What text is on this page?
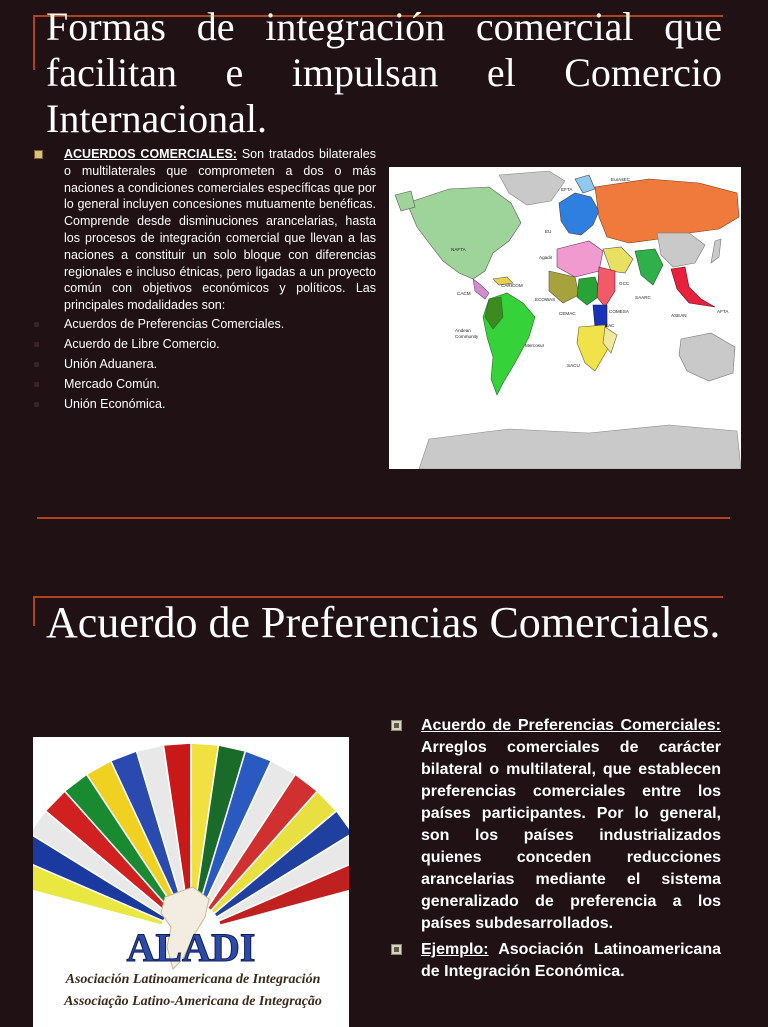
Formas de integración comercial que facilitan e impulsan el Comercio Internacional.
ACUERDOS COMERCIALES: Son tratados bilaterales o multilaterales que comprometen a dos o más naciones a condiciones comerciales específicas que por lo general incluyen concesiones mutuamente benéficas. Comprende desde disminuciones arancelarias, hasta los procesos de integración comercial que llevan a las naciones a constituir un solo bloque con diferencias regionales e incluso étnicas, pero ligadas a un proyecto común con objetivos económicos y políticos. Las principales modalidades son:
Acuerdos de Preferencias Comerciales.
Acuerdo de Libre Comercio.
Unión Aduanera.
Mercado Común.
Unión Económica.
NAFTA
CARICOM
CACM
Andean
Community
Mercosur
EU
EFTA
EurAsEC
Agadir
ECOWAS
CEMAC
EAC
COMESA
SACU
GCC
SAARC
ASEAN
AFTA
Acuerdo de Preferencias Comerciales.
ALADI
Asociación Latinoamericana de Integración
Associação Latino-Americana de Integração
Acuerdo de Preferencias Comerciales: Arreglos comerciales de carácter bilateral o multilateral, que establecen preferencias comerciales entre los países participantes. Por lo general, son los países industrializados quienes conceden reducciones arancelarias mediante el sistema generalizado de preferencia a los países subdesarrollados.
Ejemplo: Asociación Latinoamericana de Integración Económica.
